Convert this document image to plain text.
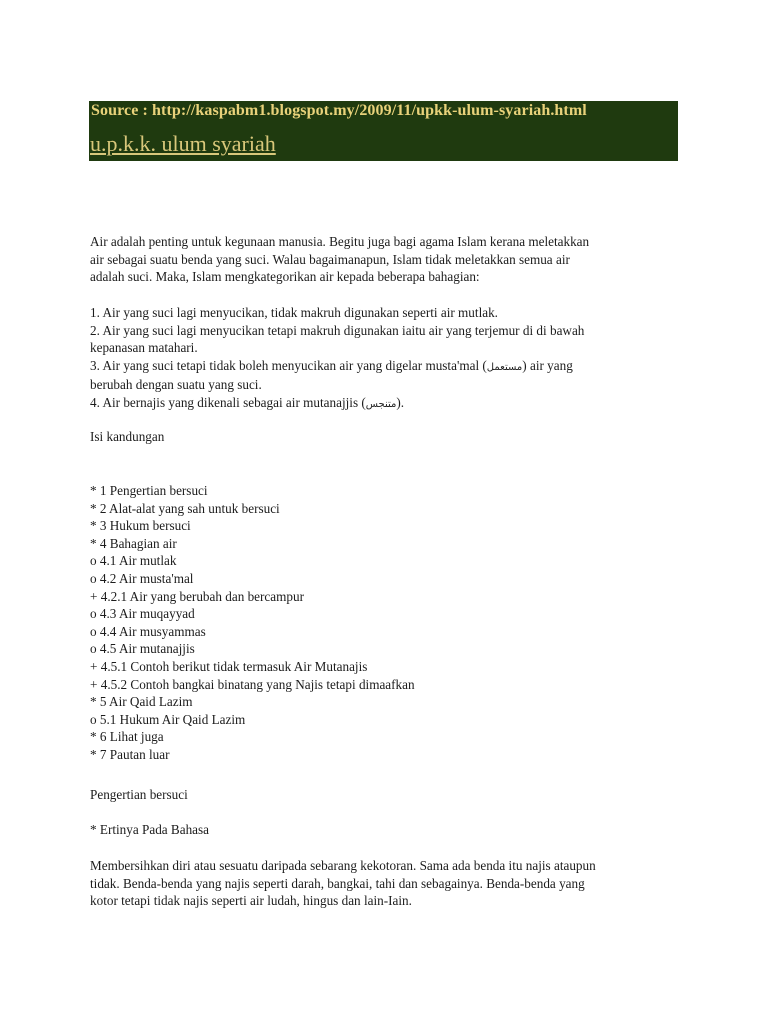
Source : http://kaspabm1.blogspot.my/2009/11/upkk-ulum-syariah.html
u.p.k.k. ulum syariah
Air adalah penting untuk kegunaan manusia. Begitu juga bagi agama Islam kerana meletakkan
air sebagai suatu benda yang suci. Walau bagaimanapun, Islam tidak meletakkan semua air
adalah suci. Maka, Islam mengkategorikan air kepada beberapa bahagian:
1. Air yang suci lagi menyucikan, tidak makruh digunakan seperti air mutlak.
2. Air yang suci lagi menyucikan tetapi makruh digunakan iaitu air yang terjemur di di bawah
kepanasan matahari.
3. Air yang suci tetapi tidak boleh menyucikan air yang digelar musta'mal (مستعمل) air yang
berubah dengan suatu yang suci.
4. Air bernajis yang dikenali sebagai air mutanajjis (متنجس).
Isi kandungan
* 1 Pengertian bersuci
* 2 Alat-alat yang sah untuk bersuci
* 3 Hukum bersuci
* 4 Bahagian air
o 4.1 Air mutlak
o 4.2 Air musta'mal
+ 4.2.1 Air yang berubah dan bercampur
o 4.3 Air muqayyad
o 4.4 Air musyammas
o 4.5 Air mutanajjis
+ 4.5.1 Contoh berikut tidak termasuk Air Mutanajis
+ 4.5.2 Contoh bangkai binatang yang Najis tetapi dimaafkan
* 5 Air Qaid Lazim
o 5.1 Hukum Air Qaid Lazim
* 6 Lihat juga
* 7 Pautan luar
Pengertian bersuci
* Ertinya Pada Bahasa
Membersihkan diri atau sesuatu daripada sebarang kekotoran. Sama ada benda itu najis ataupun
tidak. Benda-benda yang najis seperti darah, bangkai, tahi dan sebagainya. Benda-benda yang
kotor tetapi tidak najis seperti air ludah, hingus dan lain-Iain.
